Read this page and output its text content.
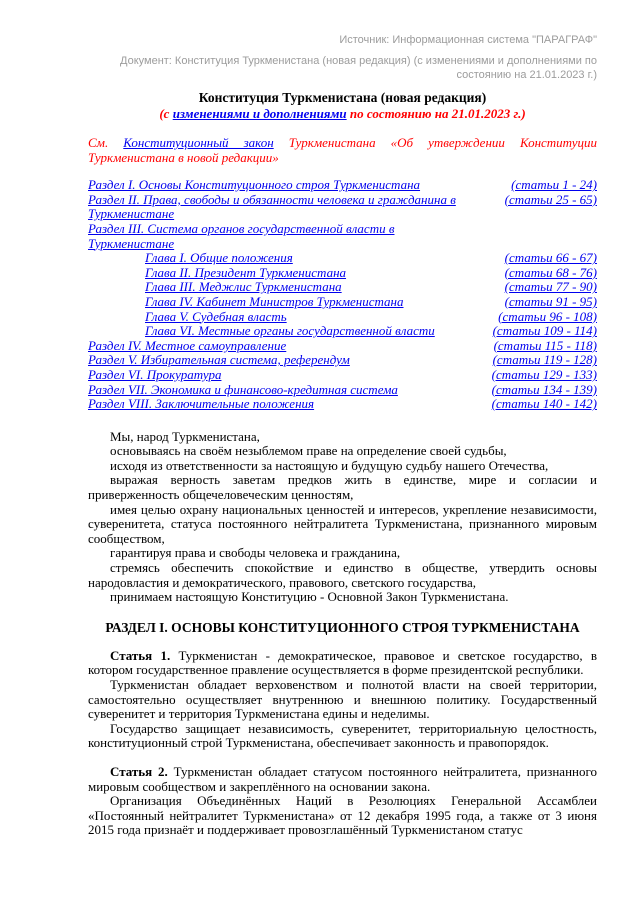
Источник: Информационная система "ПАРАГРАФ"

Документ: Конституция Туркменистана (новая редакция) (с изменениями и дополнениями по состоянию на 21.01.2023 г.)

Конституция Туркменистана (новая редакция)
(с изменениями и дополнениями по состоянию на 21.01.2023 г.)
См. Конституционный закон Туркменистана «Об утверждении Конституции Туркменистана в новой редакции»
Раздел I. Основы Конституционного строя Туркменистана	(статьи 1 - 24)
Раздел II. Права, свободы и обязанности человека и гражданина в Туркменистане
(статьи 25 - 65)
Раздел III. Система органов государственной власти в Туркменистане
Глава I. Общие положения	(статьи 66 - 67)
Глава II. Президент Туркменистана	(статьи 68 - 76)
Глава III. Меджлис Туркменистана	(статьи 77 - 90)
Глава IV. Кабинет Министров Туркменистана	(статьи 91 - 95)
Глава V. Судебная власть	(статьи 96 - 108)
Глава VI. Местные органы государственной власти	(статьи 109 - 114)
Раздел IV. Местное самоуправление	(статьи 115 - 118)
Раздел V. Избирательная система, референдум	(статьи 119 - 128)
Раздел VI. Прокуратура	(статьи 129 - 133)
Раздел VII. Экономика и финансово-кредитная система	(статьи 134 - 139)
Раздел VIII. Заключительные положения	(статьи 140 - 142)

Мы, народ Туркменистана,

основываясь на своём незыблемом праве на определение своей судьбы,

исходя из ответственности за настоящую и будущую судьбу нашего Отечества,

выражая верность заветам предков жить в единстве, мире и согласии и приверженность общечеловеческим ценностям,

имея целью охрану национальных ценностей и интересов, укрепление независимости, суверенитета, статуса постоянного нейтралитета Туркменистана, признанного мировым сообществом,

гарантируя права и свободы человека и гражданина,

стремясь обеспечить спокойствие и единство в обществе, утвердить основы народовластия и демократического, правового, светского государства,

принимаем настоящую Конституцию - Основной Закон Туркменистана.

РАЗДЕЛ I. ОСНОВЫ КОНСТИТУЦИОННОГО СТРОЯ ТУРКМЕНИСТАНА

Статья 1. Туркменистан - демократическое, правовое и светское государство, в котором государственное правление осуществляется в форме президентской республики.

Туркменистан обладает верховенством и полнотой власти на своей территории, самостоятельно осуществляет внутреннюю и внешнюю политику. Государственный суверенитет и территория Туркменистана едины и неделимы.

Государство защищает независимость, суверенитет, территориальную целостность, конституционный строй Туркменистана, обеспечивает законность и правопорядок.

Статья 2. Туркменистан обладает статусом постоянного нейтралитета, признанного мировым сообществом и закреплённого на основании закона.

Организация Объединённых Наций в Резолюциях Генеральной Ассамблеи «Постоянный нейтралитет Туркменистана» от 12 декабря 1995 года, а также от 3 июня 2015 года признаёт и поддерживает провозглашённый Туркменистаном статус
